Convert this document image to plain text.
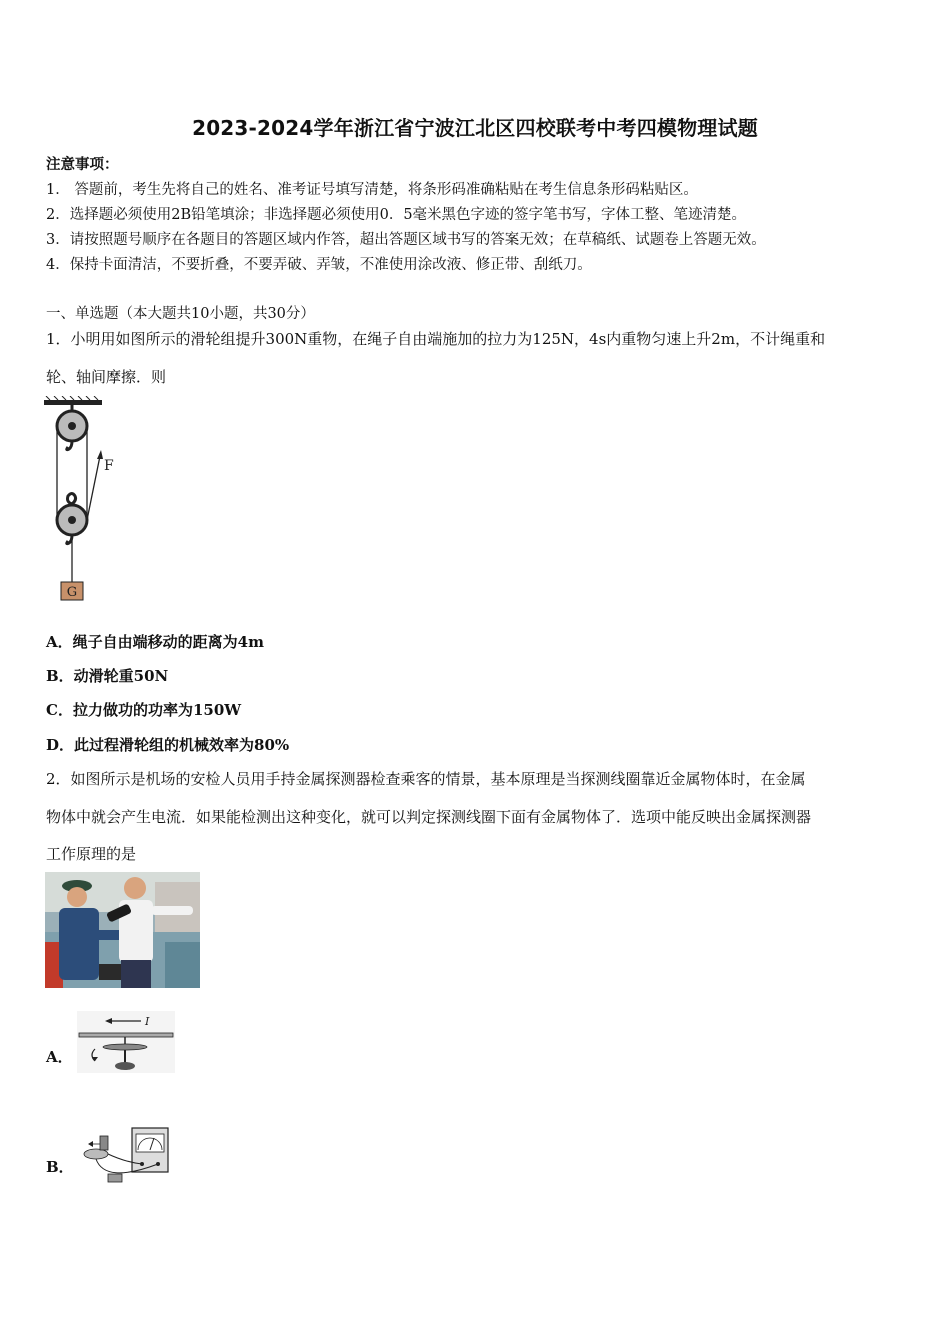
2023-2024学年浙江省宁波江北区四校联考中考四模物理试题
注意事项：
1． 答题前，考生先将自己的姓名、准考证号填写清楚，将条形码准确粘贴在考生信息条形码粘贴区。
2．选择题必须使用2B铅笔填涂；非选择题必须使用0．5毫米黑色字迹的签字笔书写，字体工整、笔迹清楚。
3．请按照题号顺序在各题目的答题区域内作答，超出答题区域书写的答案无效；在草稿纸、试题卷上答题无效。
4．保持卡面清洁，不要折叠，不要弄破、弄皱，不准使用涂改液、修正带、刮纸刀。
一、单选题（本大题共10小题，共30分）
1．小明用如图所示的滑轮组提升300N重物，在绳子自由端施加的拉力为125N，4s内重物匀速上升2m，不计绳重和
轮、轴间摩擦．则
F
G
A．绳子自由端移动的距离为4m
B．动滑轮重50N
C．拉力做功的功率为150W
D．此过程滑轮组的机械效率为80%
2．如图所示是机场的安检人员用手持金属探测器检查乘客的情景，基本原理是当探测线圈靠近金属物体时，在金属
物体中就会产生电流．如果能检测出这种变化，就可以判定探测线圈下面有金属物体了．选项中能反映出金属探测器
工作原理的是
A．
I
B．
